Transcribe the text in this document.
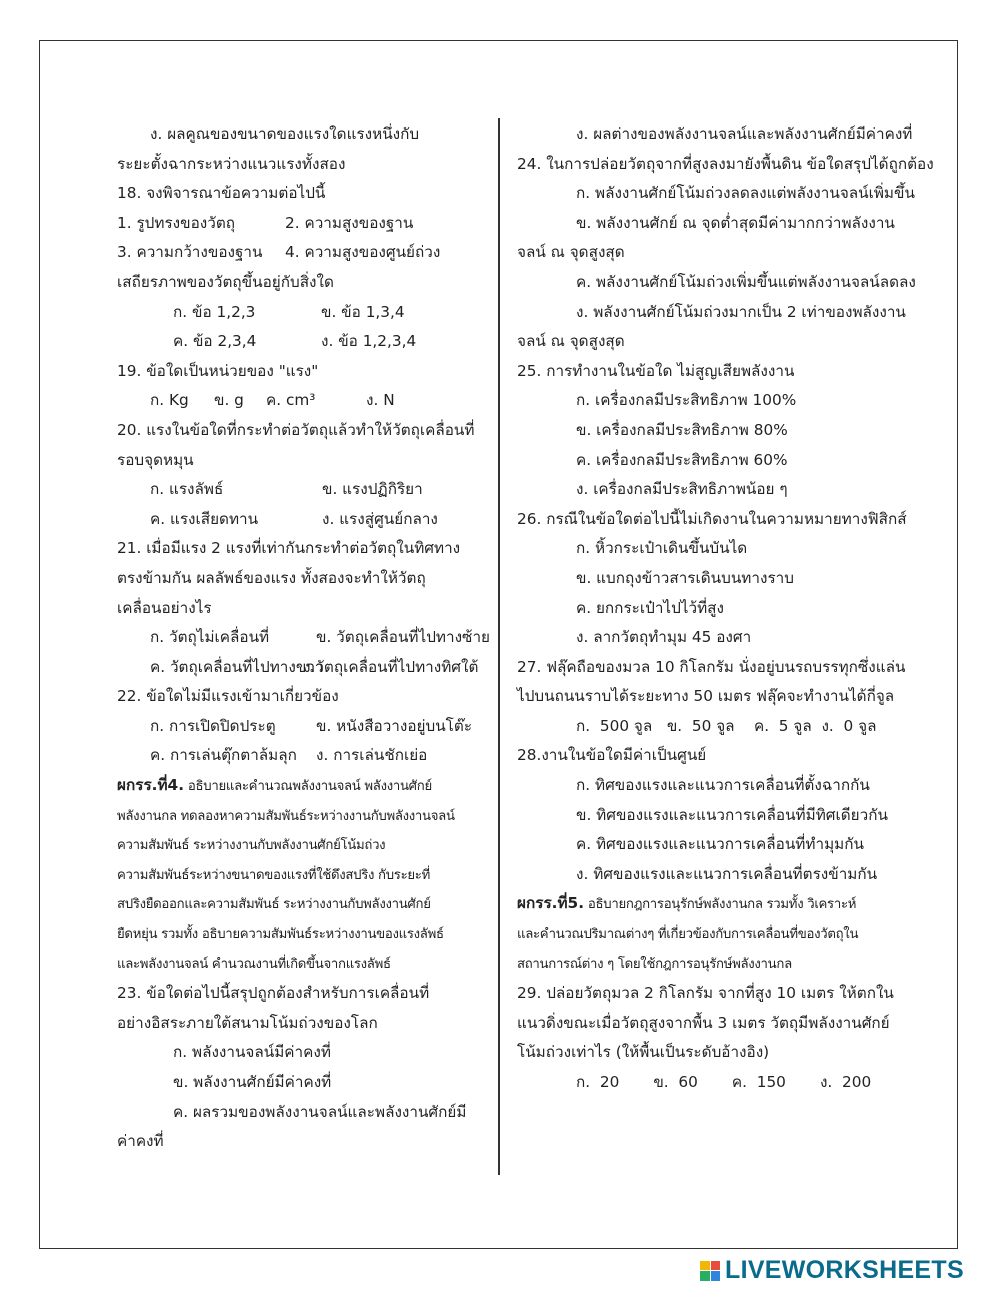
ง. ผลคูณของขนาดของแรงใดแรงหนึ่งกับ
ระยะตั้งฉากระหว่างแนวแรงทั้งสอง
18. จงพิจารณาข้อความต่อไปนี้
1. รูปทรงของวัตถุ	2. ความสูงของฐาน
3. ความกว้างของฐาน	4. ความสูงของศูนย์ถ่วง
เสถียรภาพของวัตถุขึ้นอยู่กับสิ่งใด
ก. ข้อ 1,2,3	ข. ข้อ 1,3,4
ค. ข้อ 2,3,4	ง. ข้อ 1,2,3,4
19. ข้อใดเป็นหน่วยของ "แรง"
ก. Kg	ข. g	ค. cm³	ง. N
20. แรงในข้อใดที่กระทำต่อวัตถุแล้วทำให้วัตถุเคลื่อนที่
รอบจุดหมุน
ก. แรงลัพธ์	ข. แรงปฏิกิริยา
ค. แรงเสียดทาน	ง. แรงสู่ศูนย์กลาง
21. เมื่อมีแรง 2 แรงที่เท่ากันกระทำต่อวัตถุในทิศทาง
ตรงข้ามกัน ผลลัพธ์ของแรง ทั้งสองจะทำให้วัตถุ
เคลื่อนอย่างไร
ก. วัตถุไม่เคลื่อนที่	ข. วัตถุเคลื่อนที่ไปทางซ้าย
ค. วัตถุเคลื่อนที่ไปทางขวา
ง.วัตถุเคลื่อนที่ไปทางทิศใต้
22. ข้อใดไม่มีแรงเข้ามาเกี่ยวข้อง
ก. การเปิดปิดประตู	ข. หนังสือวางอยู่บนโต๊ะ
ค. การเล่นตุ๊กตาล้มลุก	ง. การเล่นชักเย่อ
ผกรร.ที่4. อธิบายและคำนวณพลังงานจลน์ พลังงานศักย์
พลังงานกล ทดลองหาความสัมพันธ์ระหว่างงานกับพลังงานจลน์
ความสัมพันธ์ ระหว่างงานกับพลังงานศักย์โน้มถ่วง
ความสัมพันธ์ระหว่างขนาดของแรงที่ใช้ดึงสปริง กับระยะที่
สปริงยืดออกและความสัมพันธ์ ระหว่างงานกับพลังงานศักย์
ยืดหยุ่น รวมทั้ง อธิบายความสัมพันธ์ระหว่างงานของแรงลัพธ์
และพลังงานจลน์ คำนวณงานที่เกิดขึ้นจากแรงลัพธ์
23. ข้อใดต่อไปนี้สรุปถูกต้องสำหรับการเคลื่อนที่
อย่างอิสระภายใต้สนามโน้มถ่วงของโลก
ก. พลังงานจลน์มีค่าคงที่
ข. พลังงานศักย์มีค่าคงที่
ค. ผลรวมของพลังงานจลน์และพลังงานศักย์มี
ค่าคงที่
ง. ผลต่างของพลังงานจลน์และพลังงานศักย์มีค่าคงที่
24. ในการปล่อยวัตถุจากที่สูงลงมายังพื้นดิน ข้อใดสรุปได้ถูกต้อง
ก. พลังงานศักย์โน้มถ่วงลดลงแต่พลังงานจลน์เพิ่มขึ้น
ข. พลังงานศักย์ ณ จุดต่ำสุดมีค่ามากกว่าพลังงาน
จลน์ ณ จุดสูงสุด
ค. พลังงานศักย์โน้มถ่วงเพิ่มขึ้นแต่พลังงานจลน์ลดลง
ง. พลังงานศักย์โน้มถ่วงมากเป็น 2 เท่าของพลังงาน
จลน์ ณ จุดสูงสุด
25. การทำงานในข้อใด ไม่สูญเสียพลังงาน
ก. เครื่องกลมีประสิทธิภาพ 100%
ข. เครื่องกลมีประสิทธิภาพ 80%
ค. เครื่องกลมีประสิทธิภาพ 60%
ง. เครื่องกลมีประสิทธิภาพน้อย ๆ
26. กรณีในข้อใดต่อไปนี้ไม่เกิดงานในความหมายทางฟิสิกส์
ก. หิ้วกระเป๋าเดินขึ้นบันได
ข. แบกถุงข้าวสารเดินบนทางราบ
ค. ยกกระเป๋าไปไว้ที่สูง
ง. ลากวัตถุทำมุม 45 องศา
27. ฟลุ๊คถือของมวล 10 กิโลกรัม นั่งอยู่บนรถบรรทุกซึ่งแล่น
ไปบนถนนราบได้ระยะทาง 50 เมตร ฟลุ๊คจะทำงานได้กี่จูล
ก.  500 จูล   ข.  50 จูล    ค.  5 จูล  ง.  0 จูล
28.งานในข้อใดมีค่าเป็นศูนย์
ก. ทิศของแรงและแนวการเคลื่อนที่ตั้งฉากกัน
ข. ทิศของแรงและแนวการเคลื่อนที่มีทิศเดียวกัน
ค. ทิศของแรงและแนวการเคลื่อนที่ทำมุมกัน
ง. ทิศของแรงและแนวการเคลื่อนที่ตรงข้ามกัน
ผกรร.ที่5. อธิบายกฎการอนุรักษ์พลังงานกล รวมทั้ง วิเคราะห์
และคำนวณปริมาณต่างๆ ที่เกี่ยวข้องกับการเคลื่อนที่ของวัตถุใน
สถานการณ์ต่าง ๆ โดยใช้กฎการอนุรักษ์พลังงานกล
29. ปล่อยวัตถุมวล 2 กิโลกรัม จากที่สูง 10 เมตร ให้ตกใน
แนวดิ่งขณะเมื่อวัตถุสูงจากพื้น 3 เมตร วัตถุมีพลังงานศักย์
โน้มถ่วงเท่าไร (ให้พื้นเป็นระดับอ้างอิง)
ก.  20       ข.  60       ค.  150       ง.  200
LIVEWORKSHEETS
